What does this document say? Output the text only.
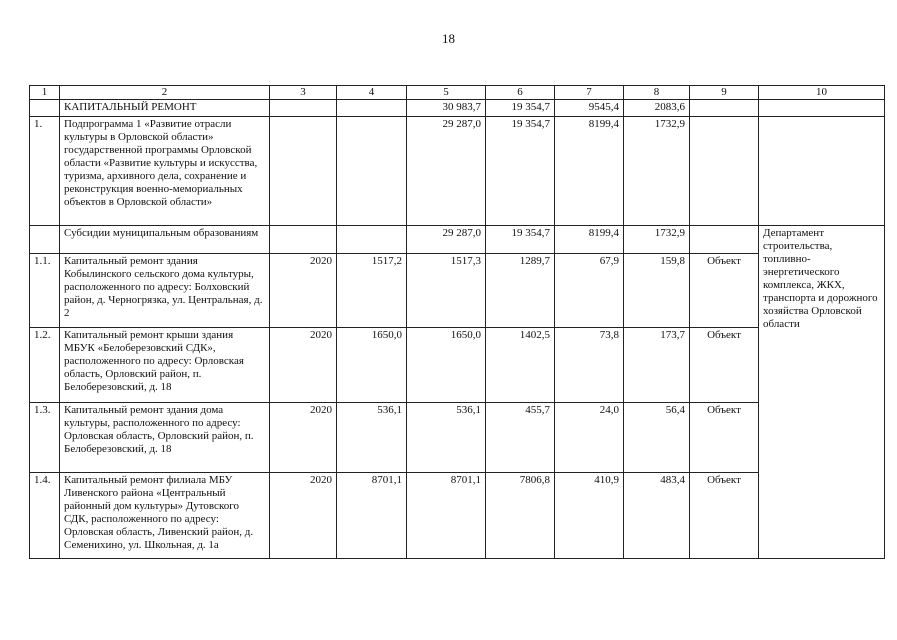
18
1	2	3	4	5	6	7	8	9	10
	КАПИТАЛЬНЫЙ РЕМОНТ			30 983,7	19 354,7	9545,4	2083,6		
1.	Подпрограмма 1 «Развитие отрасли культуры в Орловской области» государственной программы Орловской области «Развитие культуры и искусства, туризма, архивного дела, сохранение и реконструкция военно-мемориальных объектов в Орловской области»			29 287,0	19 354,7	8199,4	1732,9		
	Субсидии муниципальным образованиям			29 287,0	19 354,7	8199,4	1732,9		Департамент строительства, топливно-энергетического комплекса, ЖКХ, транспорта и дорожного хозяйства Орловской области
1.1.	Капитальный ремонт здания Кобылинского сельского дома культуры, расположенного по адресу: Болховский район, д. Черногрязка, ул. Центральная, д. 2	2020	1517,2	1517,3	1289,7	67,9	159,8	Объект	
1.2.	Капитальный ремонт крыши здания МБУК «Белоберезовский СДК», расположенного по адресу: Орловская область, Орловский район, п. Белоберезовский, д. 18	2020	1650,0	1650,0	1402,5	73,8	173,7	Объект	
1.3.	Капитальный ремонт здания дома культуры, расположенного по адресу: Орловская область, Орловский район, п. Белоберезовский, д. 18	2020	536,1	536,1	455,7	24,0	56,4	Объект	
1.4.	Капитальный ремонт филиала МБУ Ливенского района «Центральный районный дом культуры» Дутовского СДК, расположенного по адресу: Орловская область, Ливенский район, д. Семенихино, ул. Школьная, д. 1а	2020	8701,1	8701,1	7806,8	410,9	483,4	Объект	
